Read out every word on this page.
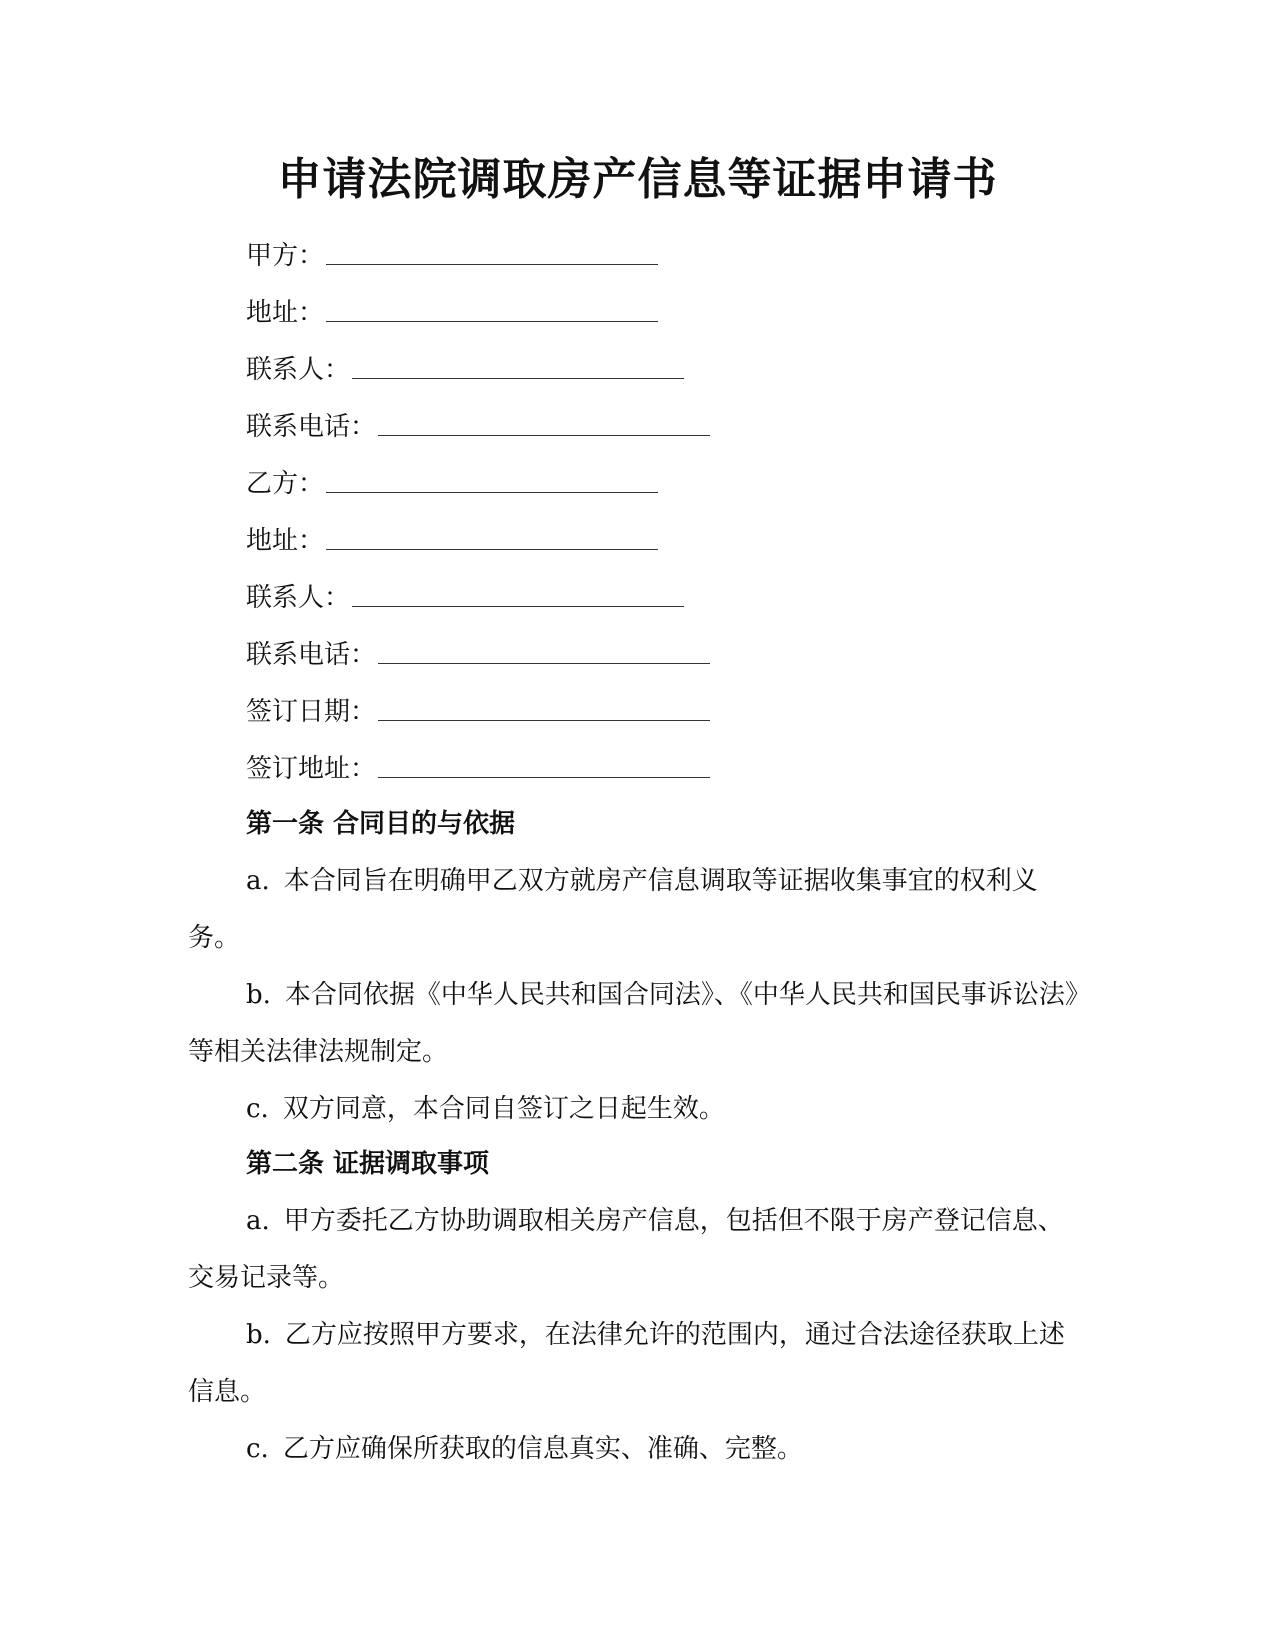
申请法院调取房产信息等证据申请书
甲方：
地址：
联系人：
联系电话：
乙方：
地址：
联系人：
联系电话：
签订日期：
签订地址：
第一条 合同目的与依据
a. 本合同旨在明确甲乙双方就房产信息调取等证据收集事宜的权利义务。
b. 本合同依据《中华人民共和国合同法》、《中华人民共和国民事诉讼法》等相关法律法规制定。
c. 双方同意，本合同自签订之日起生效。
第二条 证据调取事项
a. 甲方委托乙方协助调取相关房产信息，包括但不限于房产登记信息、交易记录等。
b. 乙方应按照甲方要求，在法律允许的范围内，通过合法途径获取上述信息。
c. 乙方应确保所获取的信息真实、准确、完整。
